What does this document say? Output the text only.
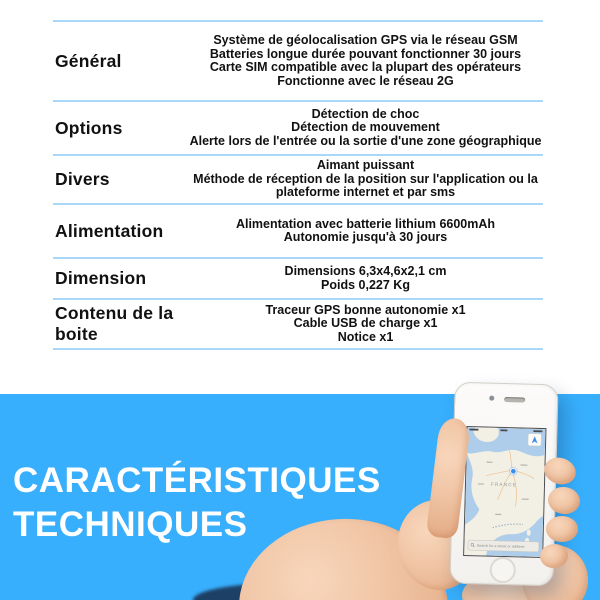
Général
Système de géolocalisation GPS via le réseau GSM
Batteries longue durée pouvant fonctionner 30 jours
Carte SIM compatible avec la plupart des opérateurs
Fonctionne avec le réseau 2G
Options
Détection de choc
Détection de mouvement
Alerte lors de l'entrée ou la sortie d'une zone géographique
Divers
Aimant puissant
Méthode de réception de la position sur l'application ou la plateforme internet et par sms
Alimentation	Alimentation avec batterie lithium 6600mAh
Autonomie jusqu'à 30 jours
Dimension	Dimensions 6,3x4,6x2,1 cm
Poids 0,227 Kg
Contenu de la boite
Traceur GPS bonne autonomie x1
Cable USB de charge x1
Notice x1
CARACTÉRISTIQUES
TECHNIQUES
FRANCE
Search for a street or address
